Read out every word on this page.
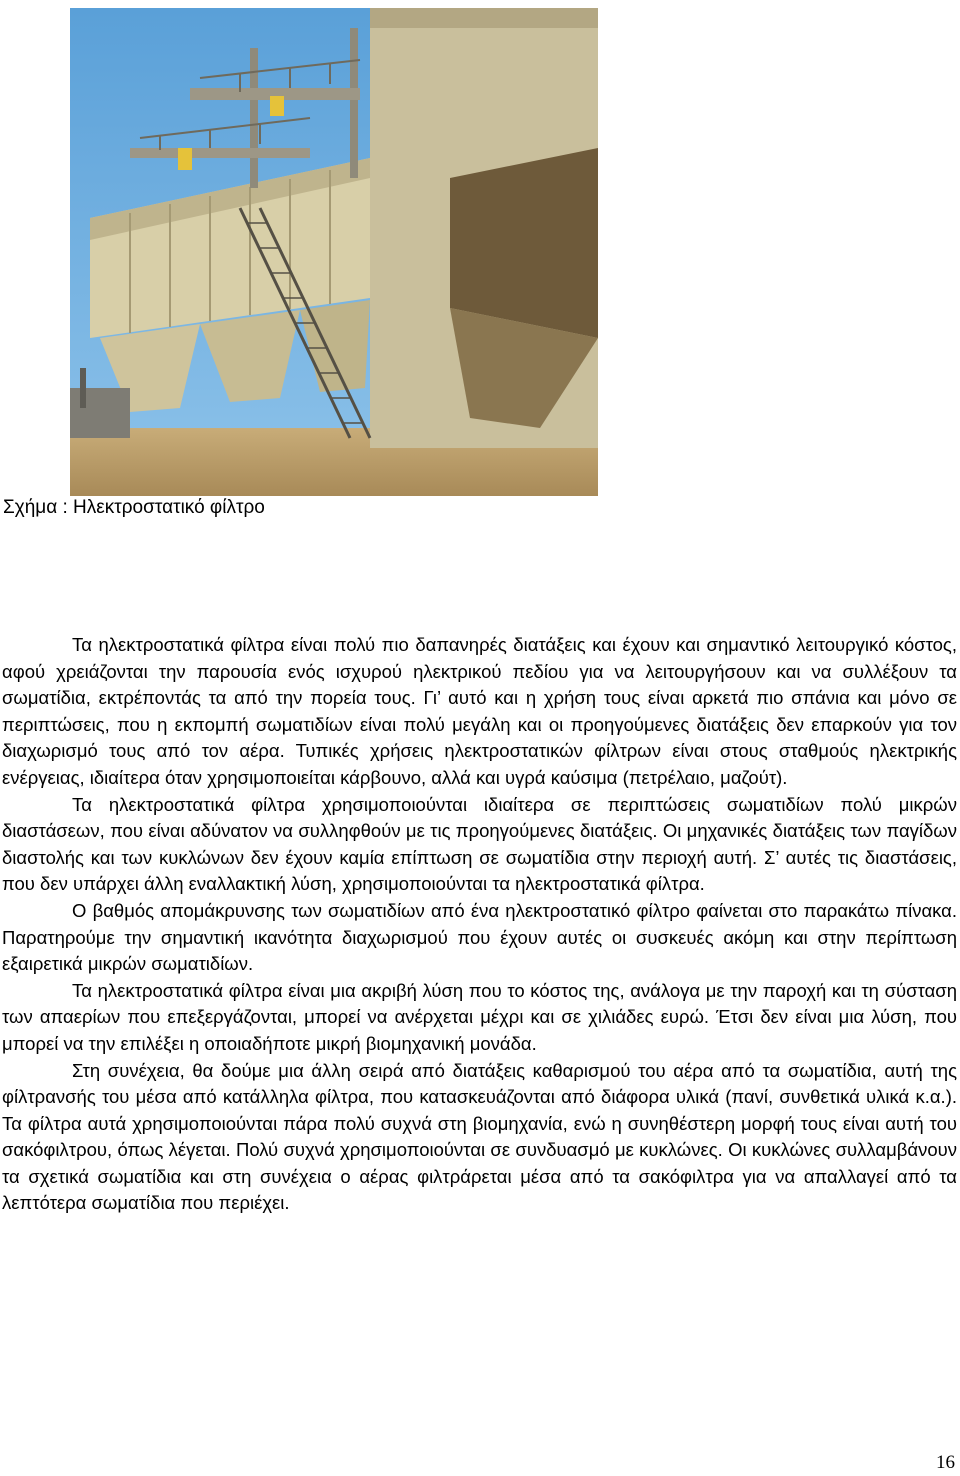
Σχήμα : Ηλεκτροστατικό φίλτρο

Τα ηλεκτροστατικά φίλτρα είναι πολύ πιο δαπανηρές διατάξεις και έχουν και σημαντικό λειτουργικό κόστος, αφού χρειάζονται την παρουσία ενός ισχυρού ηλεκτρικού πεδίου για να λειτουργήσουν και να συλλέξουν τα σωματίδια, εκτρέποντάς τα από την πορεία τους. Γι’ αυτό και η χρήση τους είναι αρκετά πιο σπάνια και μόνο σε περιπτώσεις, που η εκπομπή σωματιδίων είναι πολύ μεγάλη και οι προηγούμενες διατάξεις δεν επαρκούν για τον διαχωρισμό τους από τον αέρα. Τυπικές χρήσεις ηλεκτροστατικών φίλτρων είναι στους σταθμούς ηλεκτρικής ενέργειας, ιδιαίτερα όταν χρησιμοποιείται κάρβουνο, αλλά και υγρά καύσιμα (πετρέλαιο, μαζούτ).

Τα ηλεκτροστατικά φίλτρα χρησιμοποιούνται ιδιαίτερα σε περιπτώσεις σωματιδίων πολύ μικρών διαστάσεων, που είναι αδύνατον να συλληφθούν με τις προηγούμενες διατάξεις. Οι μηχανικές διατάξεις των παγίδων διαστολής και των κυκλώνων δεν έχουν καμία επίπτωση σε σωματίδια στην περιοχή αυτή. Σ’ αυτές τις διαστάσεις, που δεν υπάρχει άλλη εναλλακτική λύση, χρησιμοποιούνται τα ηλεκτροστατικά φίλτρα.

Ο βαθμός απομάκρυνσης των σωματιδίων από ένα ηλεκτροστατικό φίλτρο φαίνεται στο παρακάτω πίνακα. Παρατηρούμε την σημαντική ικανότητα διαχωρισμού που έχουν αυτές οι συσκευές ακόμη και στην περίπτωση εξαιρετικά μικρών σωματιδίων.

Τα ηλεκτροστατικά φίλτρα είναι μια ακριβή λύση που το κόστος της, ανάλογα με την παροχή και τη σύσταση των απαερίων που επεξεργάζονται, μπορεί να ανέρχεται μέχρι και σε χιλιάδες ευρώ. Έτσι δεν είναι μια λύση, που μπορεί να την επιλέξει η οποιαδήποτε μικρή βιομηχανική μονάδα.

Στη συνέχεια, θα δούμε μια άλλη σειρά από διατάξεις καθαρισμού του αέρα από τα σωματίδια, αυτή της φίλτρανσής του μέσα από κατάλληλα φίλτρα, που κατασκευάζονται από διάφορα υλικά (πανί, συνθετικά υλικά κ.α.). Τα φίλτρα αυτά χρησιμοποιούνται πάρα πολύ συχνά στη βιομηχανία, ενώ η συνηθέστερη μορφή τους είναι αυτή του σακόφιλτρου, όπως λέγεται. Πολύ συχνά χρησιμοποιούνται σε συνδυασμό με κυκλώνες. Οι κυκλώνες συλλαμβάνουν τα σχετικά σωματίδια και στη συνέχεια ο αέρας φιλτράρεται μέσα από τα σακόφιλτρα για να απαλλαγεί από τα λεπτότερα σωματίδια που περιέχει.

16
